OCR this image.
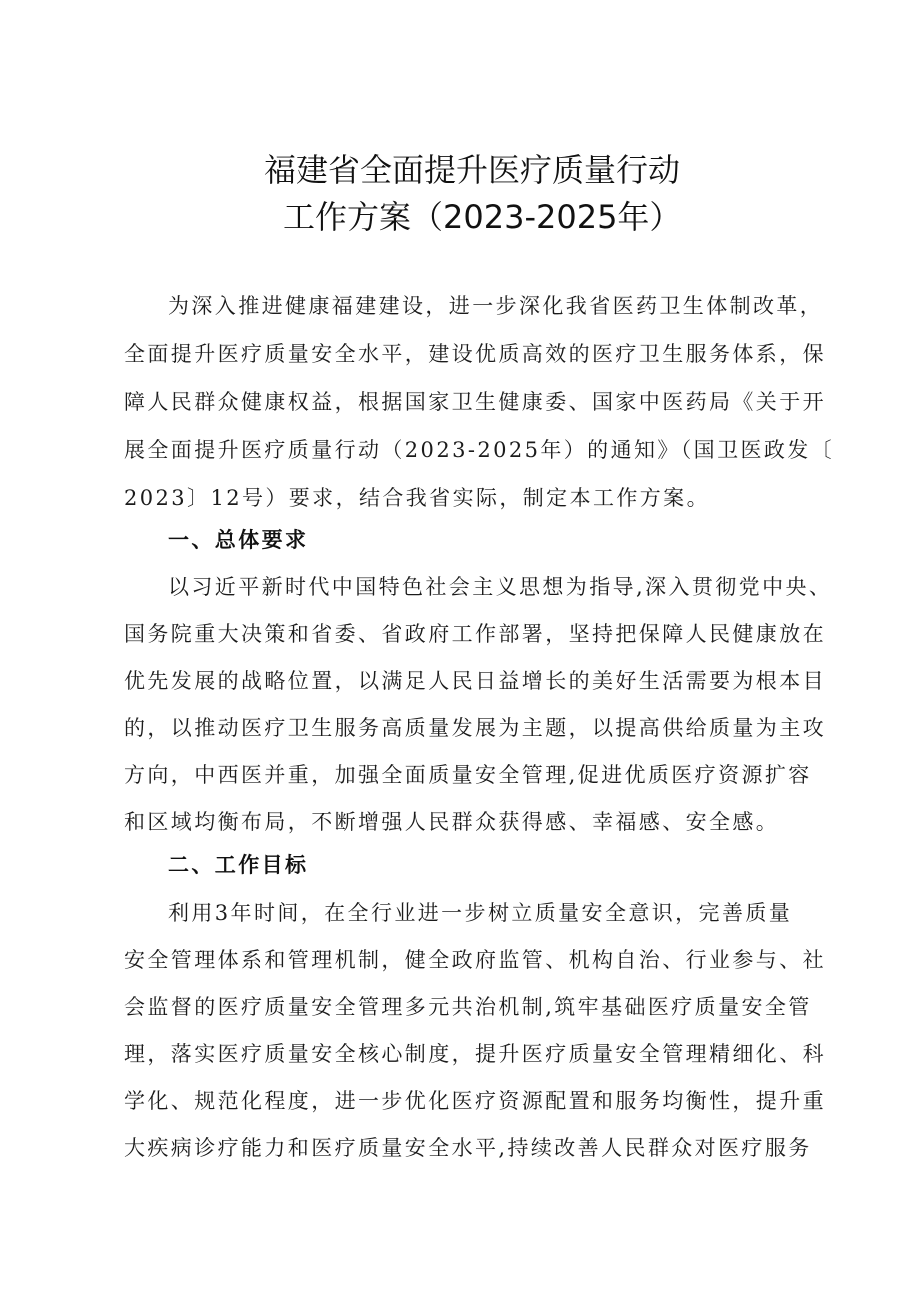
福建省全面提升医疗质量行动
工作方案（2023-2025年）
为深入推进健康福建建设，进一步深化我省医药卫生体制改革，
全面提升医疗质量安全水平，建设优质高效的医疗卫生服务体系，保
障人民群众健康权益，根据国家卫生健康委、国家中医药局《关于开
展全面提升医疗质量行动（2023-2025年）的通知》（国卫医政发〔
2023〕12号）要求，结合我省实际，制定本工作方案。
一、总体要求
以习近平新时代中国特色社会主义思想为指导,深入贯彻党中央、
国务院重大决策和省委、省政府工作部署，坚持把保障人民健康放在
优先发展的战略位置，以满足人民日益增长的美好生活需要为根本目
的，以推动医疗卫生服务高质量发展为主题，以提高供给质量为主攻
方向，中西医并重，加强全面质量安全管理,促进优质医疗资源扩容
和区域均衡布局，不断增强人民群众获得感、幸福感、安全感。
二、工作目标
利用3年时间，在全行业进一步树立质量安全意识，完善质量
安全管理体系和管理机制，健全政府监管、机构自治、行业参与、社
会监督的医疗质量安全管理多元共治机制,筑牢基础医疗质量安全管
理，落实医疗质量安全核心制度，提升医疗质量安全管理精细化、科
学化、规范化程度，进一步优化医疗资源配置和服务均衡性，提升重
大疾病诊疗能力和医疗质量安全水平,持续改善人民群众对医疗服务
